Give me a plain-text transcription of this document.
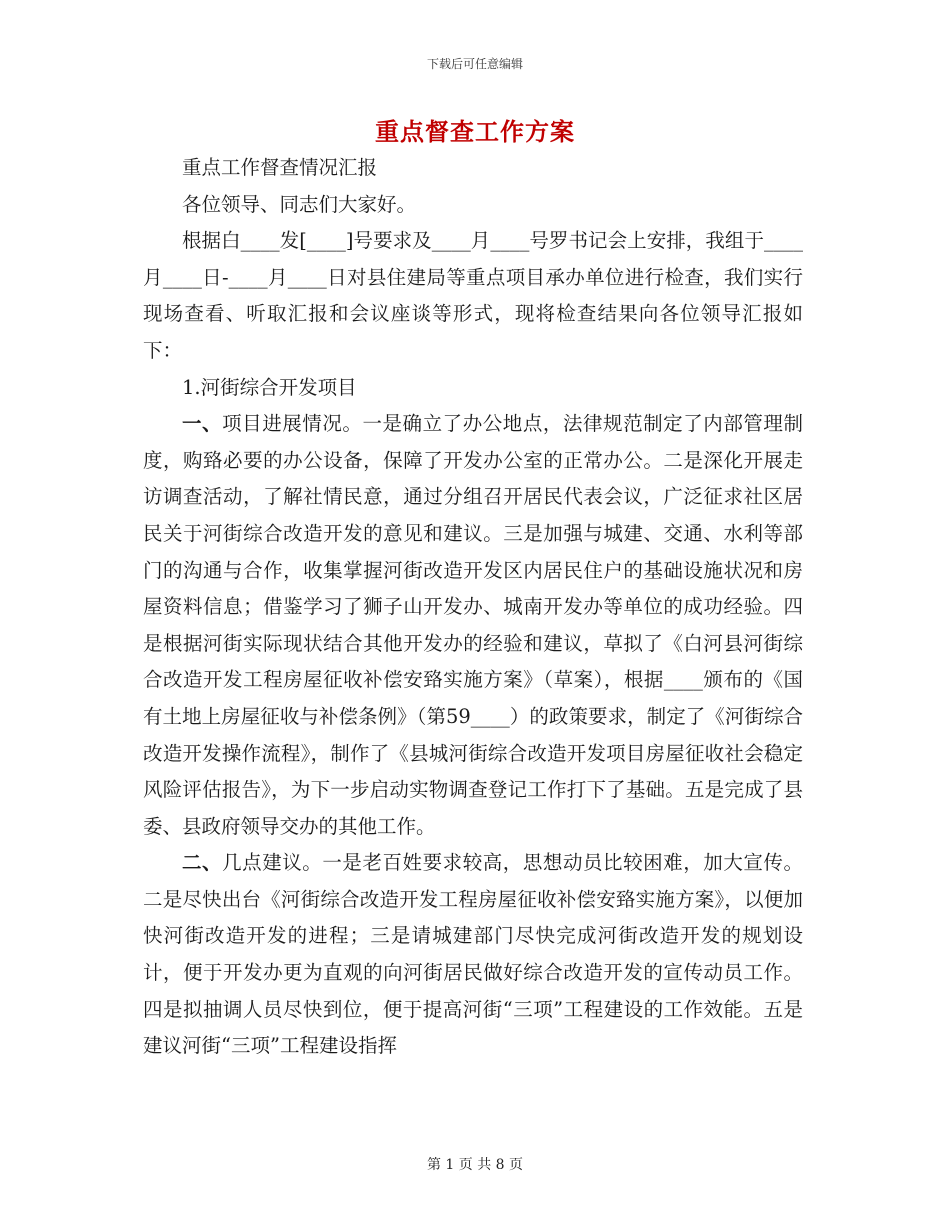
下载后可任意编辑
重点督查工作方案

重点工作督查情况汇报

各位领导、同志们大家好。

根据白____发[____]号要求及____月____号罗书记会上安排，我组于____月____日-____月____日对县住建局等重点项目承办单位进行检查，我们实行现场查看、听取汇报和会议座谈等形式，现将检查结果向各位领导汇报如下：

1.河街综合开发项目

一、项目进展情况。一是确立了办公地点，法律规范制定了内部管理制度，购臵必要的办公设备，保障了开发办公室的正常办公。二是深化开展走访调查活动，了解社情民意，通过分组召开居民代表会议，广泛征求社区居民关于河街综合改造开发的意见和建议。三是加强与城建、交通、水利等部门的沟通与合作，收集掌握河街改造开发区内居民住户的基础设施状况和房屋资料信息；借鉴学习了狮子山开发办、城南开发办等单位的成功经验。四是根据河街实际现状结合其他开发办的经验和建议，草拟了《白河县河街综合改造开发工程房屋征收补偿安臵实施方案》（草案），根据____颁布的《国有土地上房屋征收与补偿条例》（第59____）的政策要求，制定了《河街综合改造开发操作流程》，制作了《县城河街综合改造开发项目房屋征收社会稳定风险评估报告》，为下一步启动实物调查登记工作打下了基础。五是完成了县委、县政府领导交办的其他工作。

二、几点建议。一是老百姓要求较高，思想动员比较困难，加大宣传。二是尽快出台《河街综合改造开发工程房屋征收补偿安臵实施方案》，以便加快河街改造开发的进程；三是请城建部门尽快完成河街改造开发的规划设计，便于开发办更为直观的向河街居民做好综合改造开发的宣传动员工作。四是拟抽调人员尽快到位，便于提高河街“三项”工程建设的工作效能。五是建议河街“三项”工程建设指挥

第 1 页 共 8 页
